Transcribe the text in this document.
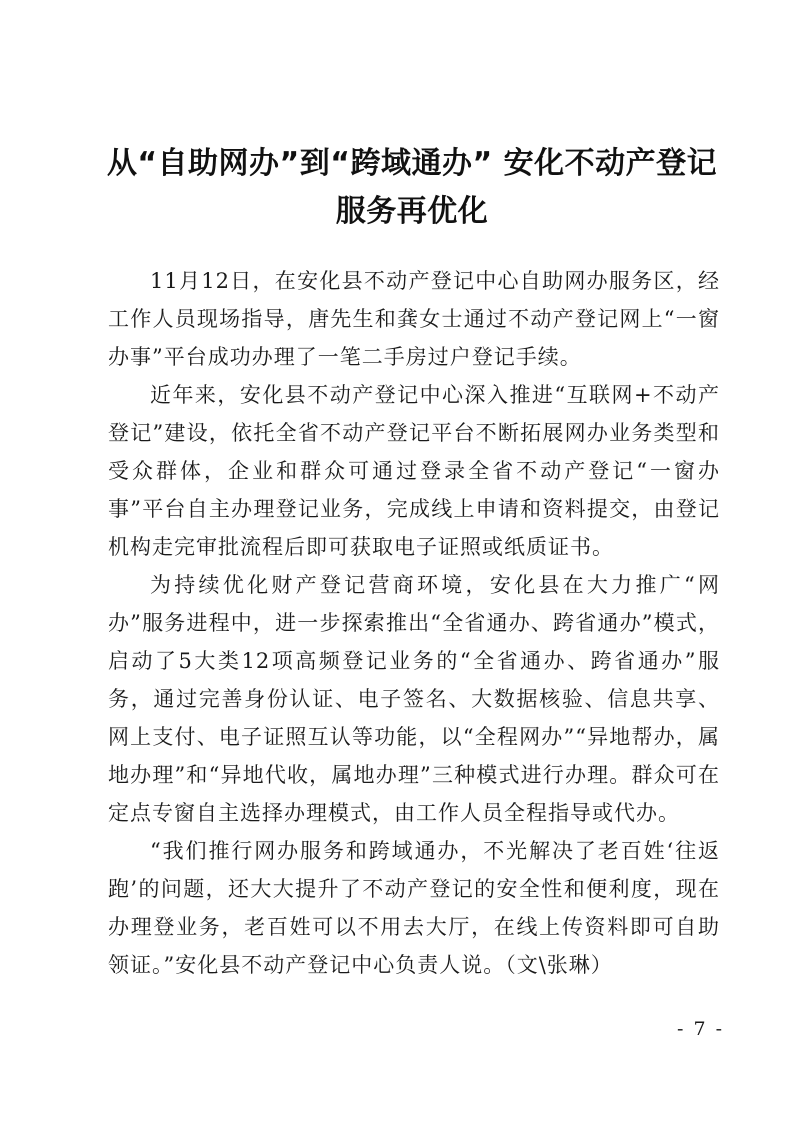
从“自助网办”到“跨域通办” 安化不动产登记服务再优化

11月12日，在安化县不动产登记中心自助网办服务区，经工作人员现场指导，唐先生和龚女士通过不动产登记网上“一窗办事”平台成功办理了一笔二手房过户登记手续。

近年来，安化县不动产登记中心深入推进“互联网+不动产登记”建设，依托全省不动产登记平台不断拓展网办业务类型和受众群体，企业和群众可通过登录全省不动产登记“一窗办事”平台自主办理登记业务，完成线上申请和资料提交，由登记机构走完审批流程后即可获取电子证照或纸质证书。

为持续优化财产登记营商环境，安化县在大力推广“网办”服务进程中，进一步探索推出“全省通办、跨省通办”模式，启动了5大类12项高频登记业务的“全省通办、跨省通办”服务，通过完善身份认证、电子签名、大数据核验、信息共享、网上支付、电子证照互认等功能，以“全程网办”“异地帮办，属地办理”和“异地代收，属地办理”三种模式进行办理。群众可在定点专窗自主选择办理模式，由工作人员全程指导或代办。

“我们推行网办服务和跨域通办，不光解决了老百姓‘往返跑’的问题，还大大提升了不动产登记的安全性和便利度，现在办理登业务，老百姓可以不用去大厅，在线上传资料即可自助领证。”安化县不动产登记中心负责人说。（文\张琳）

- 7 -
